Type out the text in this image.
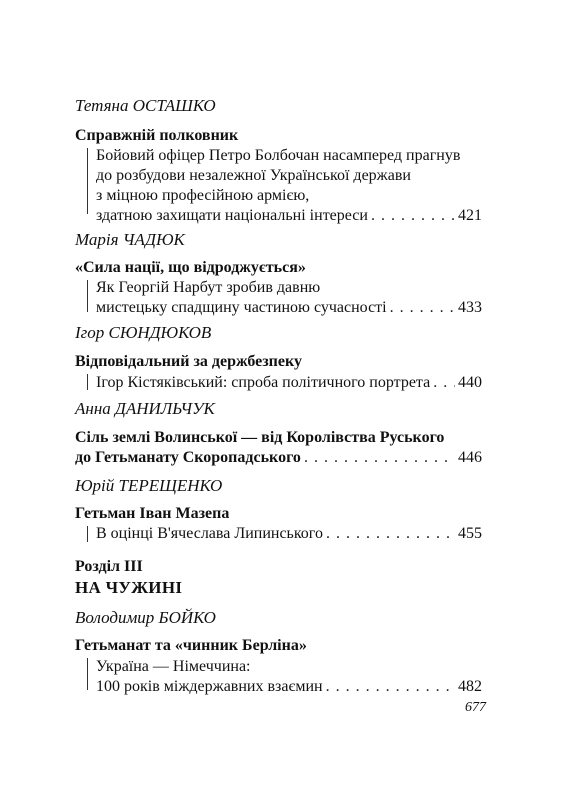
Тетяна ОСТАШКО
Справжній полковник
Бойовий офіцер Петро Болбочан насамперед прагнув
до розбудови незалежної Української держави
з міцною професійною армією,
здатною захищати національні інтереси . . .	421
Марія ЧАДЮК
«Сила нації, що відроджується»
Як Георгій Нарбут зробив давню
мистецьку спадщину частиною сучасності . . .	433
Ігор СЮНДЮКОВ
Відповідальний за держбезпеку
Ігор Кістяківський: спроба політичного портрета . . . 440
Анна ДАНИЛЬЧУК
Сіль землі Волинської — від Королівства Руського
до Гетьманату Скоропадського . . .	446
Юрій ТЕРЕЩЕНКО
Гетьман Іван Мазепа
В оцінці В'ячеслава Липинського . . .	455
Розділ ІІІ
НА ЧУЖИНІ
Володимир БОЙКО
Гетьманат та «чинник Берліна»
Україна — Німеччина:
100 років міждержавних взаємин . . .	482
677
